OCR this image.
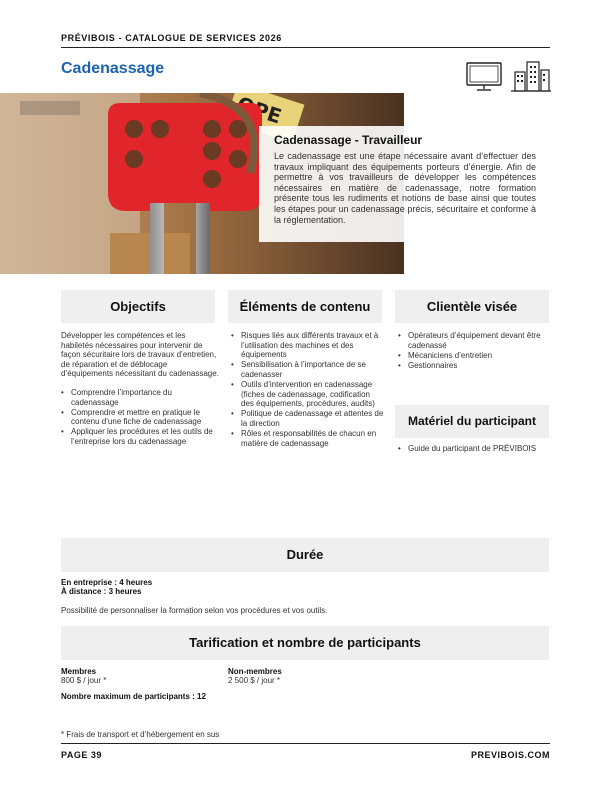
PRÉVIBOIS - CATALOGUE DE SERVICES 2026
Cadenassage
Cadenassage - Travailleur

Le cadenassage est une étape nécessaire avant d’effectuer des travaux impliquant des équipements porteurs d’énergie. Afin de permettre à vos travailleurs de développer les compétences nécessaires en matière de cadenassage, notre formation présente tous les rudiments et notions de base ainsi que toutes les étapes pour un cadenassage précis, sécuritaire et conforme à la réglementation.

Objectifs

Développer les compétences et les habiletés nécessaires pour intervenir de façon sécuritaire lors de travaux d’entretien, de réparation et de déblocage d’équipements nécessitant du cadenassage.

• Comprendre l’importance du cadenassage
• Comprendre et mettre en pratique le contenu d’une fiche de cadenassage
• Appliquer les procédures et les outils de l’entreprise lors du cadenassage
Éléments de contenu
• Risques liés aux différents travaux et à l’utilisation des machines et des équipements
• Sensibilisation à l’importance de se cadenasser
• Outils d’intervention en cadenassage (fiches de cadenassage, codification des équipements, procédures, audits)
• Politique de cadenassage et attentes de la direction
• Rôles et responsabilités de chacun en matière de cadenassage
Clientèle visée
• Opérateurs d’équipement devant être cadenassé
• Mécaniciens d’entretien
• Gestionnaires
Matériel du participant
• Guide du participant de PRÉVIBOIS
Durée
En entreprise : 4 heures
À distance : 3 heures
Possibilité de personnaliser la formation selon vos procédures et vos outils.
Tarification et nombre de participants
Membres
800 $ / jour *
Non-membres
2 500 $ / jour *
Nombre maximum de participants : 12
* Frais de transport et d’hébergement en sus
PAGE 39	PREVIBOIS.COM
